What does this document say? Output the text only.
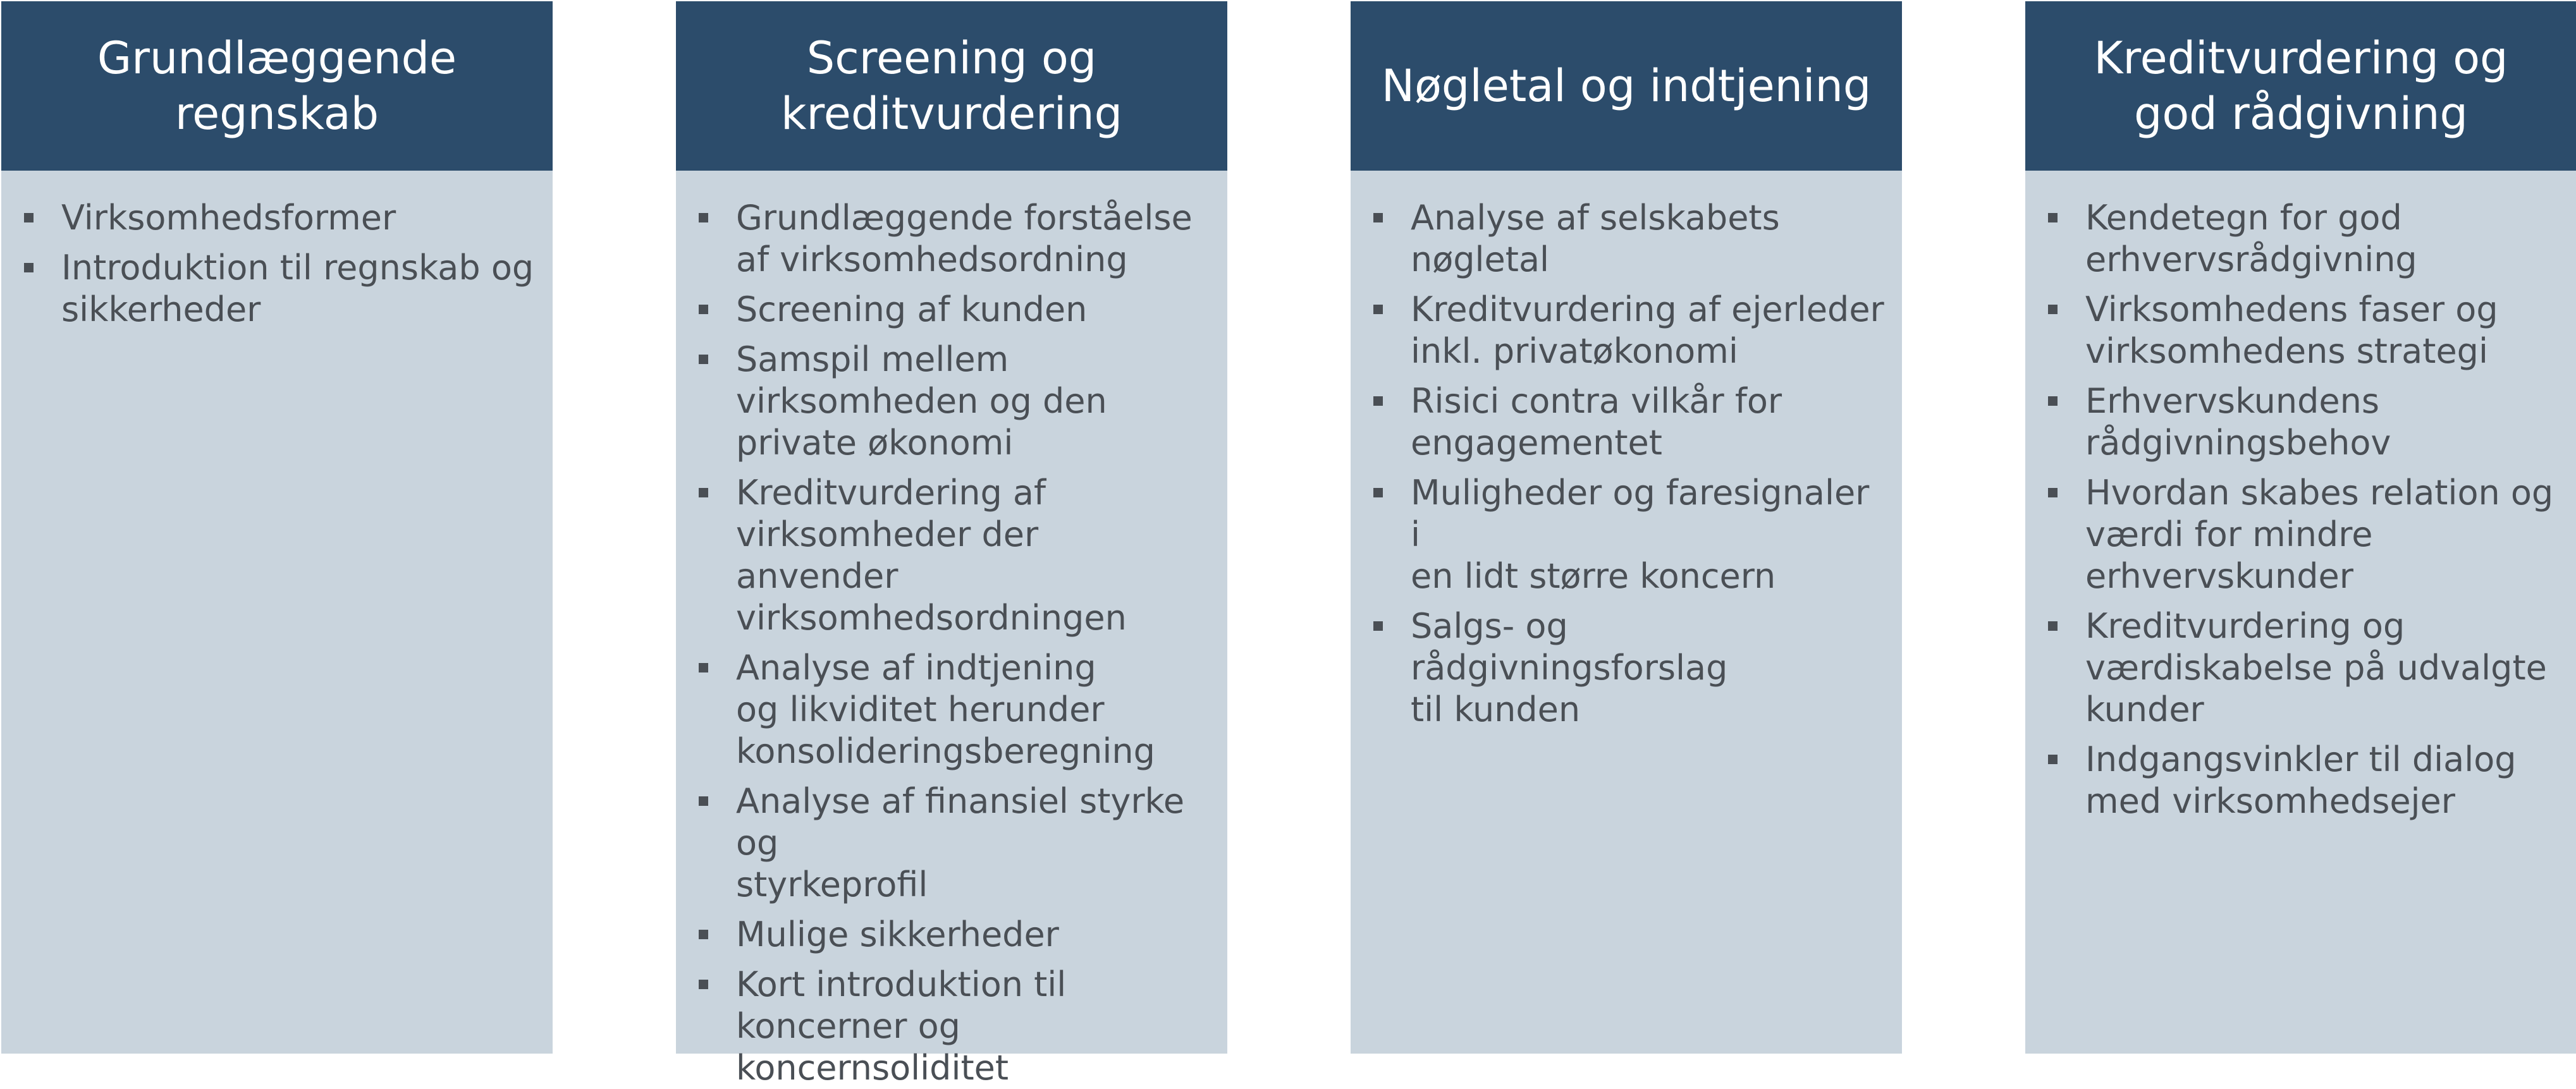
Grundlæggende
regnskab
Virksomhedsformer
Introduktion til regnskab og
sikkerheder
Screening og
kreditvurdering
Grundlæggende forståelse
af virksomhedsordning
Screening af kunden
Samspil mellem
virksomheden og den
private økonomi
Kreditvurdering af
virksomheder der anvender
virksomhedsordningen
Analyse af indtjening
og likviditet herunder
konsolideringsberegning
Analyse af finansiel styrke og
styrkeprofil
Mulige sikkerheder
Kort introduktion til
koncerner og
koncernsoliditet
Nøgletal og indtjening
Analyse af selskabets
nøgletal
Kreditvurdering af ejerleder
inkl. privatøkonomi
Risici contra vilkår for
engagementet
Muligheder og faresignaler i
en lidt større koncern
Salgs- og rådgivningsforslag
til kunden
Kreditvurdering og
god rådgivning
Kendetegn for god
erhvervsrådgivning
Virksomhedens faser og
virksomhedens strategi
Erhvervskundens
rådgivningsbehov
Hvordan skabes relation og
værdi for mindre
erhvervskunder
Kreditvurdering og
værdiskabelse på udvalgte
kunder
Indgangsvinkler til dialog
med virksomhedsejer
